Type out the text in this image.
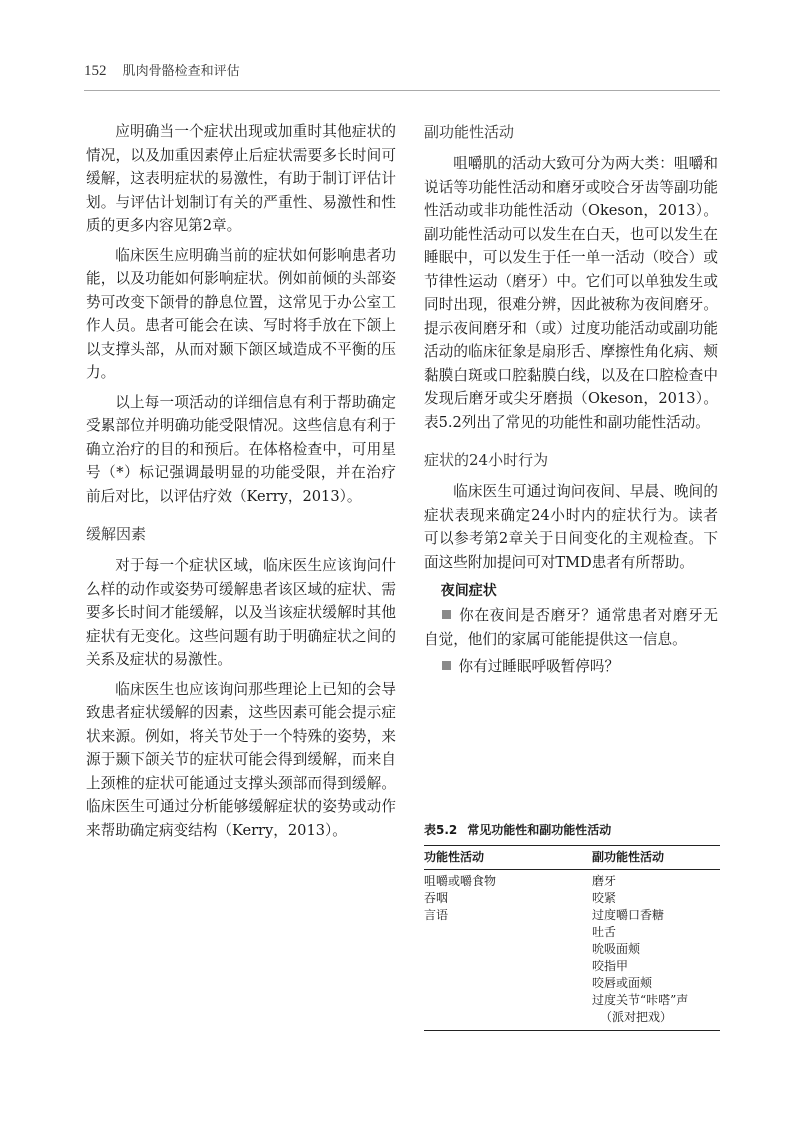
152 肌肉骨骼检查和评估

应明确当一个症状出现或加重时其他症状的情况，以及加重因素停止后症状需要多长时间可缓解，这表明症状的易激性，有助于制订评估计划。与评估计划制订有关的严重性、易激性和性质的更多内容见第2章。

临床医生应明确当前的症状如何影响患者功能，以及功能如何影响症状。例如前倾的头部姿势可改变下颌骨的静息位置，这常见于办公室工作人员。患者可能会在读、写时将手放在下颌上以支撑头部，从而对颞下颌区域造成不平衡的压力。

以上每一项活动的详细信息有利于帮助确定受累部位并明确功能受限情况。这些信息有利于确立治疗的目的和预后。在体格检查中，可用星号（*）标记强调最明显的功能受限，并在治疗前后对比，以评估疗效（Kerry，2013）。

缓解因素

对于每一个症状区域，临床医生应该询问什么样的动作或姿势可缓解患者该区域的症状、需要多长时间才能缓解，以及当该症状缓解时其他症状有无变化。这些问题有助于明确症状之间的关系及症状的易激性。

临床医生也应该询问那些理论上已知的会导致患者症状缓解的因素，这些因素可能会提示症状来源。例如，将关节处于一个特殊的姿势，来源于颞下颌关节的症状可能会得到缓解，而来自上颈椎的症状可能通过支撑头颈部而得到缓解。临床医生可通过分析能够缓解症状的姿势或动作来帮助确定病变结构（Kerry，2013）。

副功能性活动

咀嚼肌的活动大致可分为两大类：咀嚼和说话等功能性活动和磨牙或咬合牙齿等副功能性活动或非功能性活动（Okeson，2013）。副功能性活动可以发生在白天，也可以发生在睡眠中，可以发生于任一单一活动（咬合）或节律性运动（磨牙）中。它们可以单独发生或同时出现，很难分辨，因此被称为夜间磨牙。提示夜间磨牙和（或）过度功能活动或副功能活动的临床征象是扇形舌、摩擦性角化病、颊黏膜白斑或口腔黏膜白线，以及在口腔检查中发现后磨牙或尖牙磨损（Okeson，2013）。表5.2列出了常见的功能性和副功能性活动。

症状的24小时行为

临床医生可通过询问夜间、早晨、晚间的症状表现来确定24小时内的症状行为。读者可以参考第2章关于日间变化的主观检查。下面这些附加提问可对TMD患者有所帮助。

夜间症状
你在夜间是否磨牙？通常患者对磨牙无自觉，他们的家属可能能提供这一信息。
你有过睡眠呼吸暂停吗？
表5.2 常见功能性和副功能性活动
功能性活动	副功能性活动
咀嚼或嚼食物
吞咽
言语
磨牙
咬紧
过度嚼口香糖
吐舌
吮吸面颊
咬指甲
咬唇或面颊
过度关节“咔嗒”声
（派对把戏）
